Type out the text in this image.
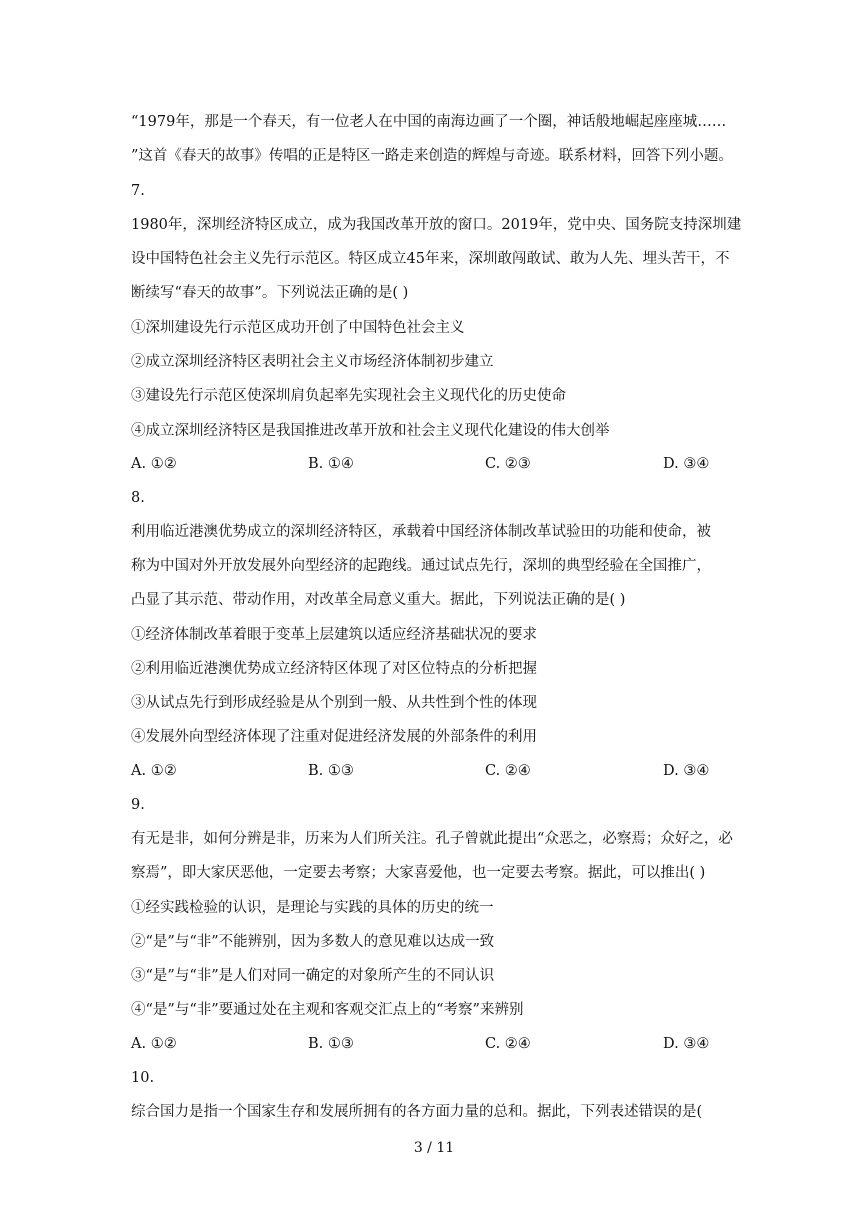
“1979年，那是一个春天，有一位老人在中国的南海边画了一个圈，神话般地崛起座座城……
”这首《春天的故事》传唱的正是特区一路走来创造的辉煌与奇迹。联系材料，回答下列小题。
7.
1980年，深圳经济特区成立，成为我国改革开放的窗口。2019年，党中央、国务院支持深圳建
设中国特色社会主义先行示范区。特区成立45年来，深圳敢闯敢试、敢为人先、埋头苦干，不
断续写“春天的故事”。下列说法正确的是( )
①深圳建设先行示范区成功开创了中国特色社会主义
②成立深圳经济特区表明社会主义市场经济体制初步建立
③建设先行示范区使深圳肩负起率先实现社会主义现代化的历史使命
④成立深圳经济特区是我国推进改革开放和社会主义现代化建设的伟大创举
A. ①②	B. ①④	C. ②③	D. ③④
8.
利用临近港澳优势成立的深圳经济特区，承载着中国经济体制改革试验田的功能和使命，被
称为中国对外开放发展外向型经济的起跑线。通过试点先行，深圳的典型经验在全国推广，
凸显了其示范、带动作用，对改革全局意义重大。据此，下列说法正确的是( )
①经济体制改革着眼于变革上层建筑以适应经济基础状况的要求
②利用临近港澳优势成立经济特区体现了对区位特点的分析把握
③从试点先行到形成经验是从个别到一般、从共性到个性的体现
④发展外向型经济体现了注重对促进经济发展的外部条件的利用
A. ①②	B. ①③	C. ②④	D. ③④
9.
有无是非，如何分辨是非，历来为人们所关注。孔子曾就此提出“众恶之，必察焉；众好之，必
察焉”，即大家厌恶他，一定要去考察；大家喜爱他，也一定要去考察。据此，可以推出( )
①经实践检验的认识，是理论与实践的具体的历史的统一
②“是”与“非”不能辨别，因为多数人的意见难以达成一致
③“是”与“非”是人们对同一确定的对象所产生的不同认识
④“是”与“非”要通过处在主观和客观交汇点上的“考察”来辨别
A. ①②	B. ①③	C. ②④	D. ③④
10.
综合国力是指一个国家生存和发展所拥有的各方面力量的总和。据此，下列表述错误的是(
3 / 11
